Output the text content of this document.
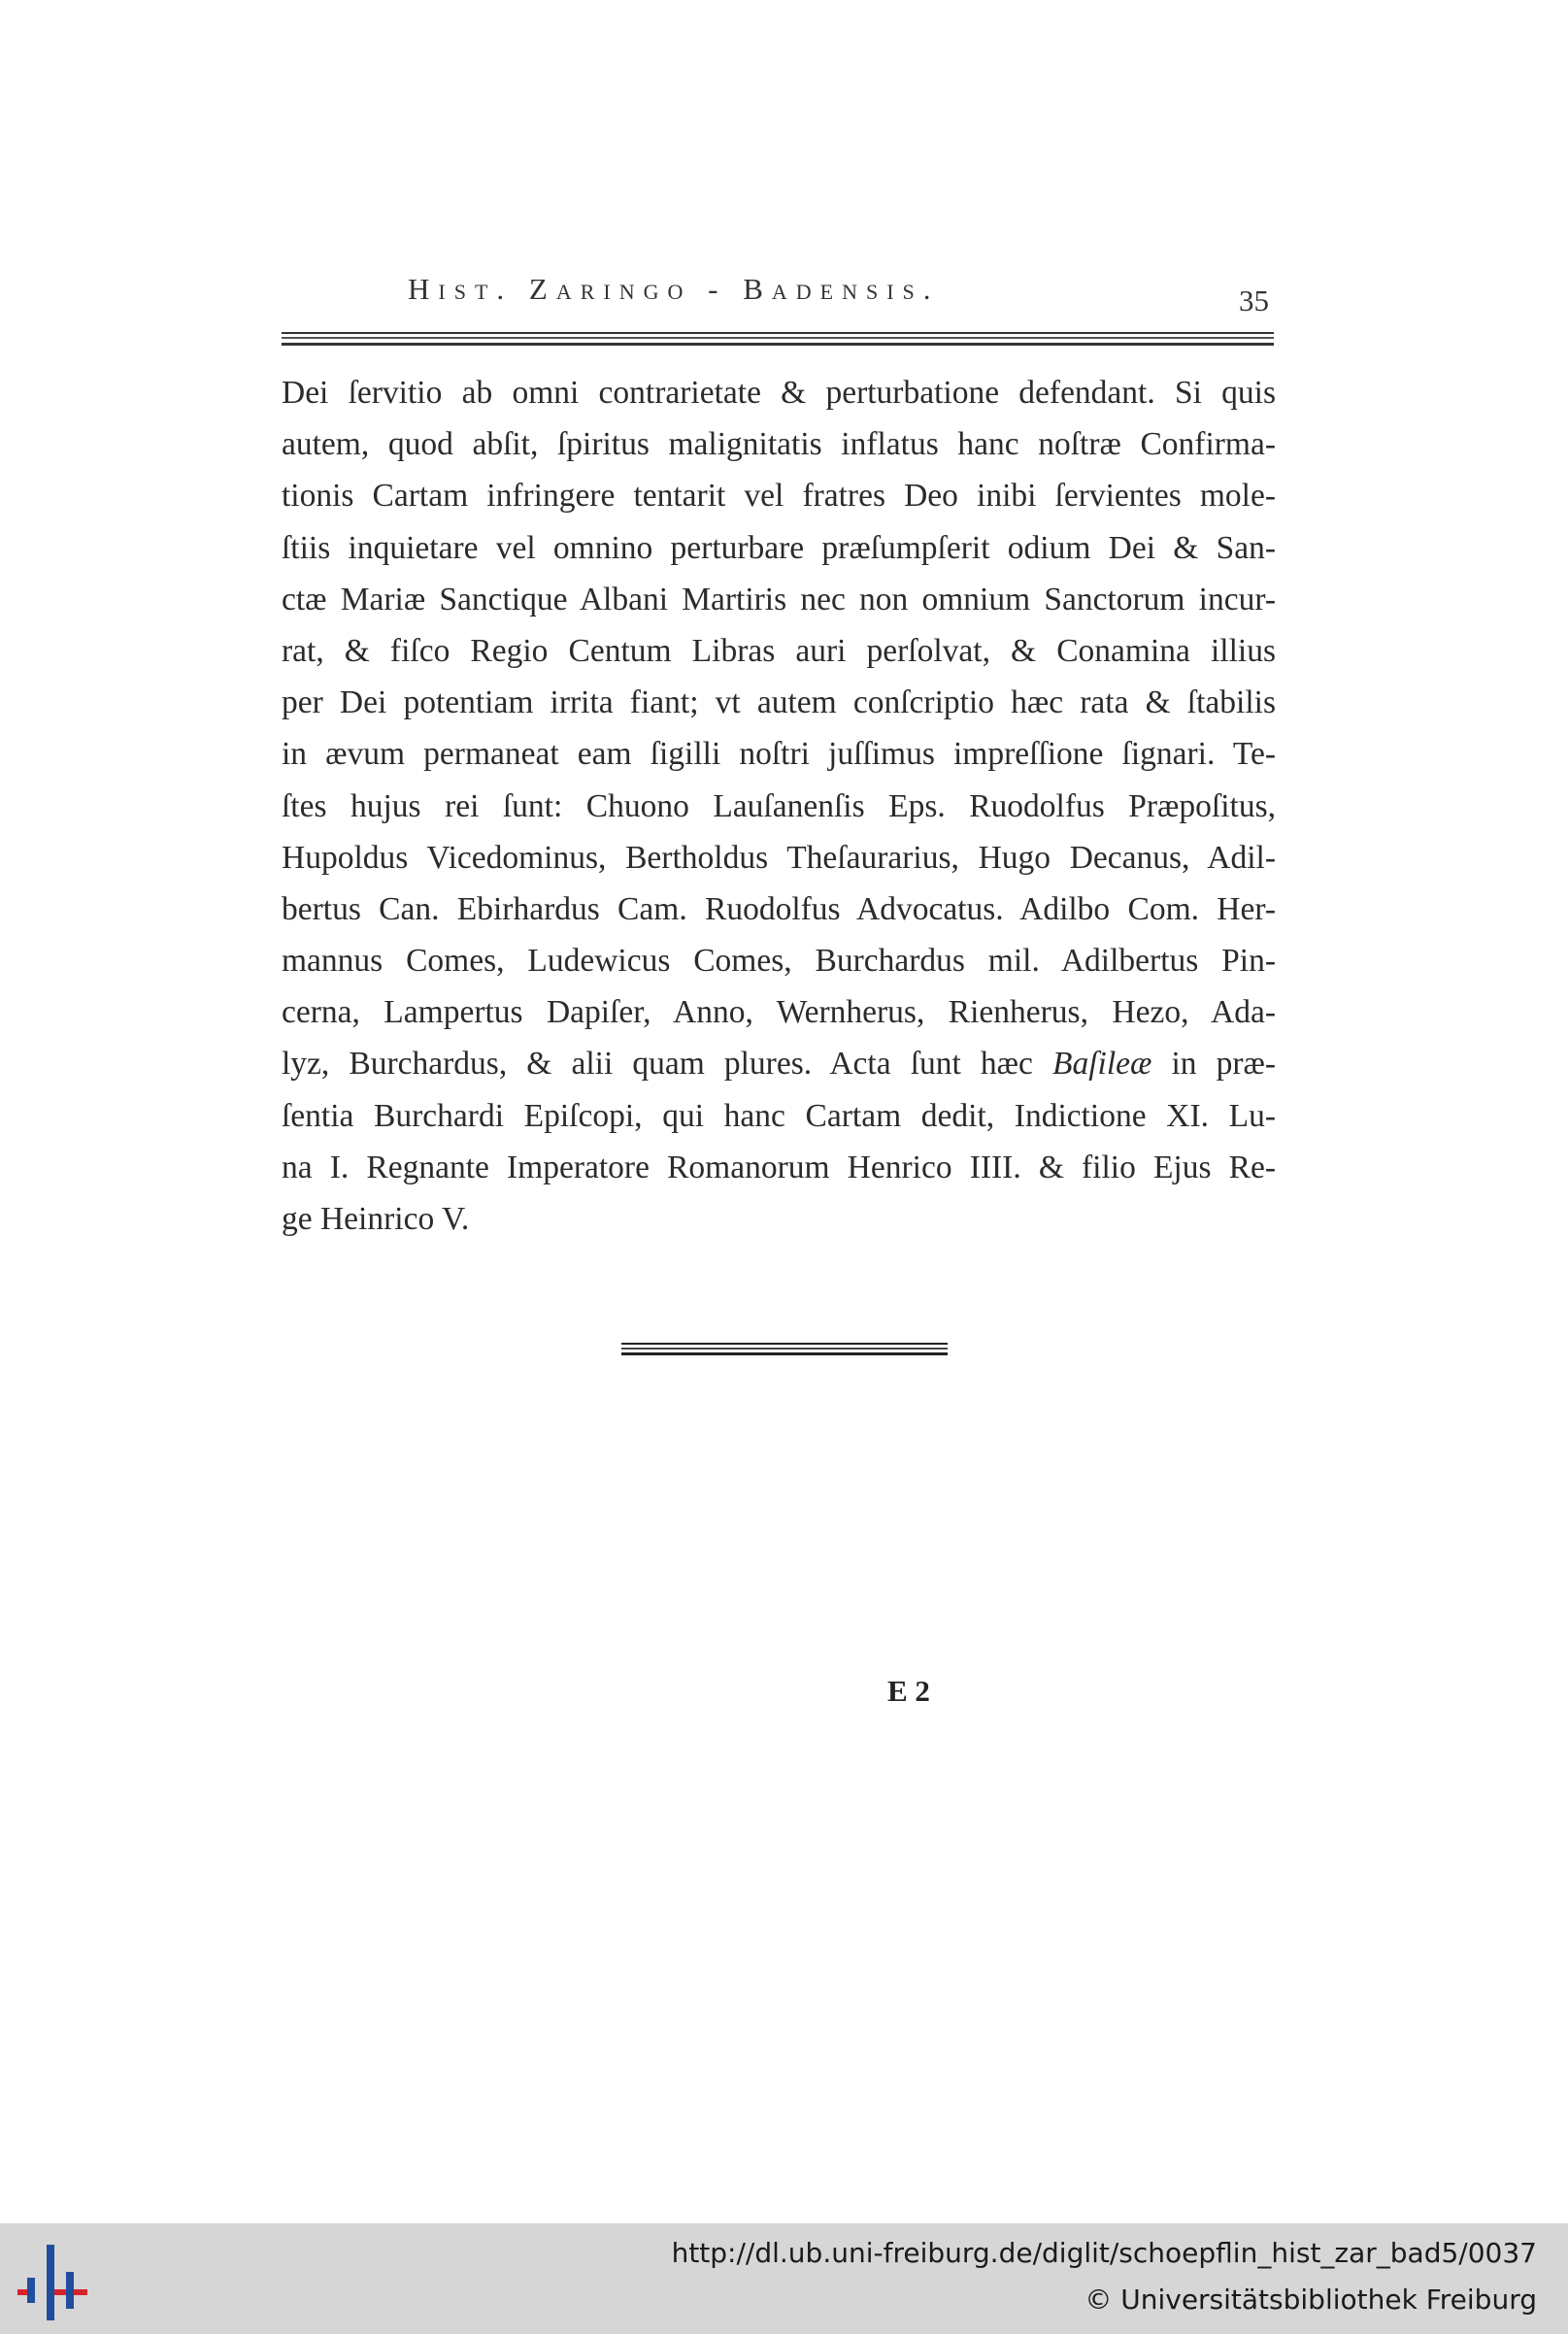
Hist. Zaringo - Badensis.	35
Dei ſervitio ab omni contrarietate & perturbatione defendant. Si quis
autem, quod abſit, ſpiritus malignitatis inflatus hanc noſtræ Confirma-
tionis Cartam infringere tentarit vel fratres Deo inibi ſervientes mole-
ſtiis inquietare vel omnino perturbare præſumpſerit odium Dei & San-
ctæ Mariæ Sanctique Albani Martiris nec non omnium Sanctorum incur-
rat, & fiſco Regio Centum Libras auri perſolvat, & Conamina illius
per Dei potentiam irrita fiant; vt autem conſcriptio hæc rata & ſtabilis
in ævum permaneat eam ſigilli noſtri juſſimus impreſſione ſignari. Te-
ſtes hujus rei ſunt: Chuono Lauſanenſis Eps. Ruodolfus Præpoſitus,
Hupoldus Vicedominus, Bertholdus Theſaurarius, Hugo Decanus, Adil-
bertus Can. Ebirhardus Cam. Ruodolfus Advocatus. Adilbo Com. Her-
mannus Comes, Ludewicus Comes, Burchardus mil. Adilbertus Pin-
cerna, Lampertus Dapiſer, Anno, Wernherus, Rienherus, Hezo, Ada-
lyz, Burchardus, & alii quam plures. Acta ſunt hæc Baſileæ in præ-
ſentia Burchardi Epiſcopi, qui hanc Cartam dedit, Indictione XI. Lu-
na I. Regnante Imperatore Romanorum Henrico IIII. & filio Ejus Re-
ge Heinrico V.
E 2
http://dl.ub.uni-freiburg.de/diglit/schoepflin_hist_zar_bad5/0037
© Universitätsbibliothek Freiburg
